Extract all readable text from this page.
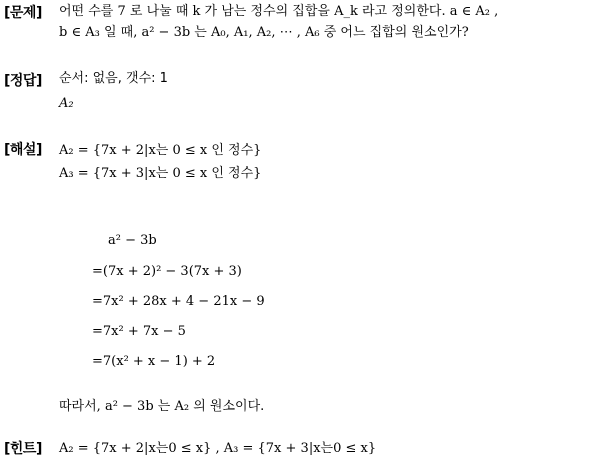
[문제] 어떤 수를 7 로 나눌 때 k 가 남는 정수의 집합을 A_k 라고 정의한다. a ∈ A₂ ,
b ∈ A₃ 일 때, a² − 3b 는 A₀, A₁, A₂, ⋯ , A₆ 중 어느 집합의 원소인가?
[정답] 순서: 없음, 갯수: 1
A₂
[해설] A₂ = {7x + 2|x는 0 ≤ x 인 정수}
A₃ = {7x + 3|x는 0 ≤ x 인 정수}
a² − 3b
=(7x + 2)² − 3(7x + 3)
=7x² + 28x + 4 − 21x − 9
=7x² + 7x − 5
=7(x² + x − 1) + 2
따라서, a² − 3b 는 A₂ 의 원소이다.
[힌트] A₂ = {7x + 2|x는0 ≤ x} , A₃ = {7x + 3|x는0 ≤ x}
